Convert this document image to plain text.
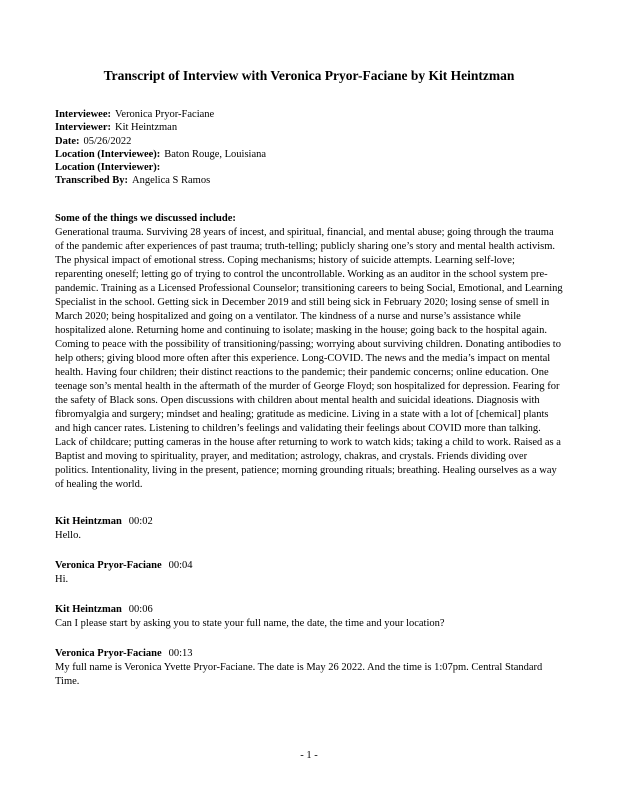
Transcript of Interview with Veronica Pryor-Faciane by Kit Heintzman
Interviewee: Veronica Pryor-Faciane
Interviewer: Kit Heintzman
Date: 05/26/2022
Location (Interviewee): Baton Rouge, Louisiana
Location (Interviewer):
Transcribed By: Angelica S Ramos
Some of the things we discussed include:
Generational trauma. Surviving 28 years of incest, and spiritual, financial, and mental abuse; going through the trauma of the pandemic after experiences of past trauma; truth-telling; publicly sharing one’s story and mental health activism. The physical impact of emotional stress. Coping mechanisms; history of suicide attempts. Learning self-love; reparenting oneself; letting go of trying to control the uncontrollable. Working as an auditor in the school system pre-pandemic. Training as a Licensed Professional Counselor; transitioning careers to being Social, Emotional, and Learning Specialist in the school. Getting sick in December 2019 and still being sick in February 2020; losing sense of smell in March 2020; being hospitalized and going on a ventilator. The kindness of a nurse and nurse’s assistance while hospitalized alone. Returning home and continuing to isolate; masking in the house; going back to the hospital again. Coming to peace with the possibility of transitioning/passing; worrying about surviving children. Donating antibodies to help others; giving blood more often after this experience. Long-COVID. The news and the media’s impact on mental health. Having four children; their distinct reactions to the pandemic; their pandemic concerns; online education. One teenage son’s mental health in the aftermath of the murder of George Floyd; son hospitalized for depression. Fearing for the safety of Black sons. Open discussions with children about mental health and suicidal ideations. Diagnosis with fibromyalgia and surgery; mindset and healing; gratitude as medicine. Living in a state with a lot of [chemical] plants and high cancer rates. Listening to children’s feelings and validating their feelings about COVID more than talking. Lack of childcare; putting cameras in the house after returning to work to watch kids; taking a child to work. Raised as a Baptist and moving to spirituality, prayer, and meditation; astrology, chakras, and crystals. Friends dividing over politics. Intentionality, living in the present, patience; morning grounding rituals; breathing. Healing ourselves as a way of healing the world.
Kit Heintzman 00:02
Hello.
Veronica Pryor-Faciane 00:04
Hi.
Kit Heintzman 00:06
Can I please start by asking you to state your full name, the date, the time and your location?
Veronica Pryor-Faciane 00:13
My full name is Veronica Yvette Pryor-Faciane. The date is May 26 2022. And the time is 1:07pm. Central Standard Time.
- 1 -
